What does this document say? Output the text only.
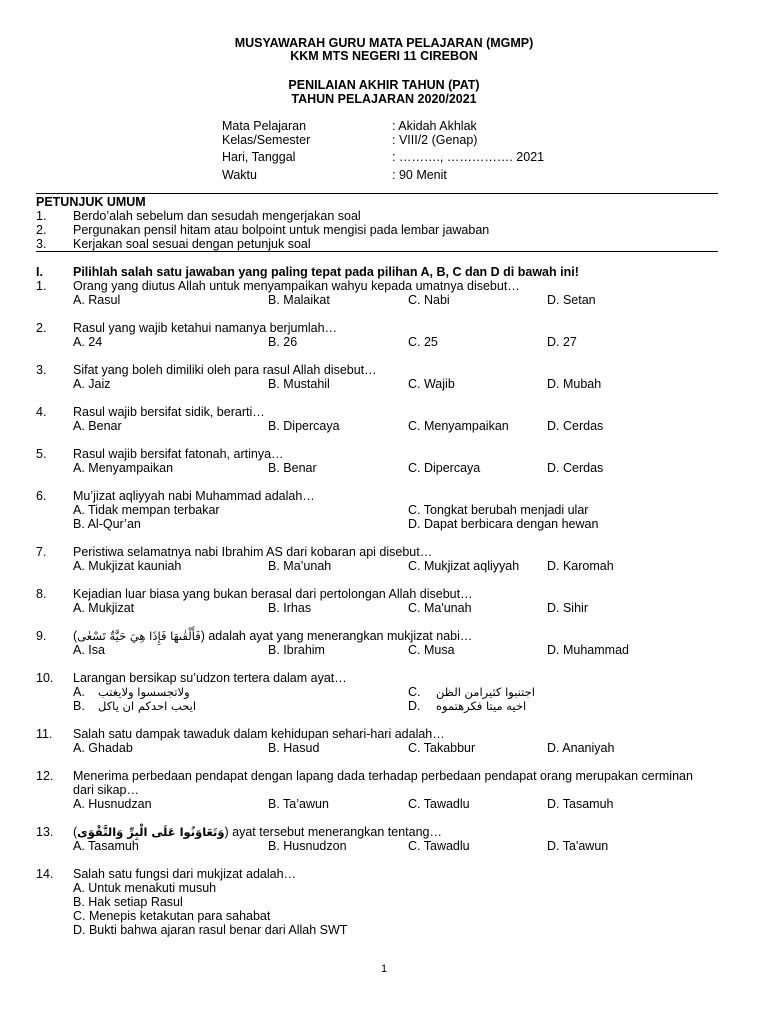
MUSYAWARAH GURU MATA PELAJARAN (MGMP)
KKM MTS NEGERI 11 CIREBON
PENILAIAN AKHIR TAHUN (PAT)
TAHUN PELAJARAN 2020/2021
Mata Pelajaran	: Akidah Akhlak
Kelas/Semester	: VIII/2 (Genap)
Hari, Tanggal	: ………., ……………. 2021
Waktu	: 90 Menit
PETUNJUK UMUM
1. Berdo’alah sebelum dan sesudah mengerjakan soal
2. Pergunakan pensil hitam atau bolpoint untuk mengisi pada lembar jawaban
3. Kerjakan soal sesuai dengan petunjuk soal
I. Pilihlah salah satu jawaban yang paling tepat pada pilihan A, B, C dan D di bawah ini!
1. Orang yang diutus Allah untuk menyampaikan wahyu kepada umatnya disebut…
A. Rasul	B. Malaikat	C. Nabi	D. Setan
2. Rasul yang wajib ketahui namanya berjumlah…
A. 24	B. 26	C. 25	D. 27
3. Sifat yang boleh dimiliki oleh para rasul Allah disebut…
A. Jaiz	B. Mustahil	C. Wajib	D. Mubah
4. Rasul wajib bersifat sidik, berarti…
A. Benar	B. Dipercaya	C. Menyampaikan	D. Cerdas
5. Rasul wajib bersifat fatonah, artinya…
A. Menyampaikan	B. Benar	C. Dipercaya	D. Cerdas
6. Mu’jizat aqliyyah nabi Muhammad adalah…
A. Tidak mempan terbakar	C. Tongkat berubah menjadi ular
B. Al-Qur’an	D. Dapat berbicara dengan hewan
7. Peristiwa selamatnya nabi Ibrahim AS dari kobaran api disebut…
A. Mukjizat kauniah	B. Ma’unah	C. Mukjizat aqliyyah D. Karomah
8. Kejadian luar biasa yang bukan berasal dari pertolongan Allah disebut…
A. Mukjizat	B. Irhas	C. Ma'unah	D. Sihir
9. (فَأَلْقٰىهَا فَإِذَا هِيَ حَيَّةٌ تَسْعٰى) adalah ayat yang menerangkan mukjizat nabi…
A. Isa	B. Ibrahim	C. Musa	D. Muhammad
10. Larangan bersikap su’udzon tertera dalam ayat…
A. ولاتجسسوا ولايغتب	C. اجتنبوا كثيرامن الظن
B. ايحب احدكم ان ياكل	D. اخيه ميتا فكرهتموه
11. Salah satu dampak tawaduk dalam kehidupan sehari-hari adalah…
A. Ghadab	B. Hasud	C. Takabbur	D. Ananiyah
12. Menerima perbedaan pendapat dengan lapang dada terhadap perbedaan pendapat orang merupakan cerminan
dari sikap…
A. Husnudzan	B. Ta’awun	C. Tawadlu	D. Tasamuh
13. (وَتَعَاوَنُوا عَلَى الْبِرِّ وَالتَّقْوَى) ayat tersebut menerangkan tentang…
A. Tasamuh	B. Husnudzon	C. Tawadlu	D. Ta'awun
14. Salah satu fungsi dari mukjizat adalah…
A. Untuk menakuti musuh
B. Hak setiap Rasul
C. Menepis ketakutan para sahabat
D. Bukti bahwa ajaran rasul benar dari Allah SWT
1
